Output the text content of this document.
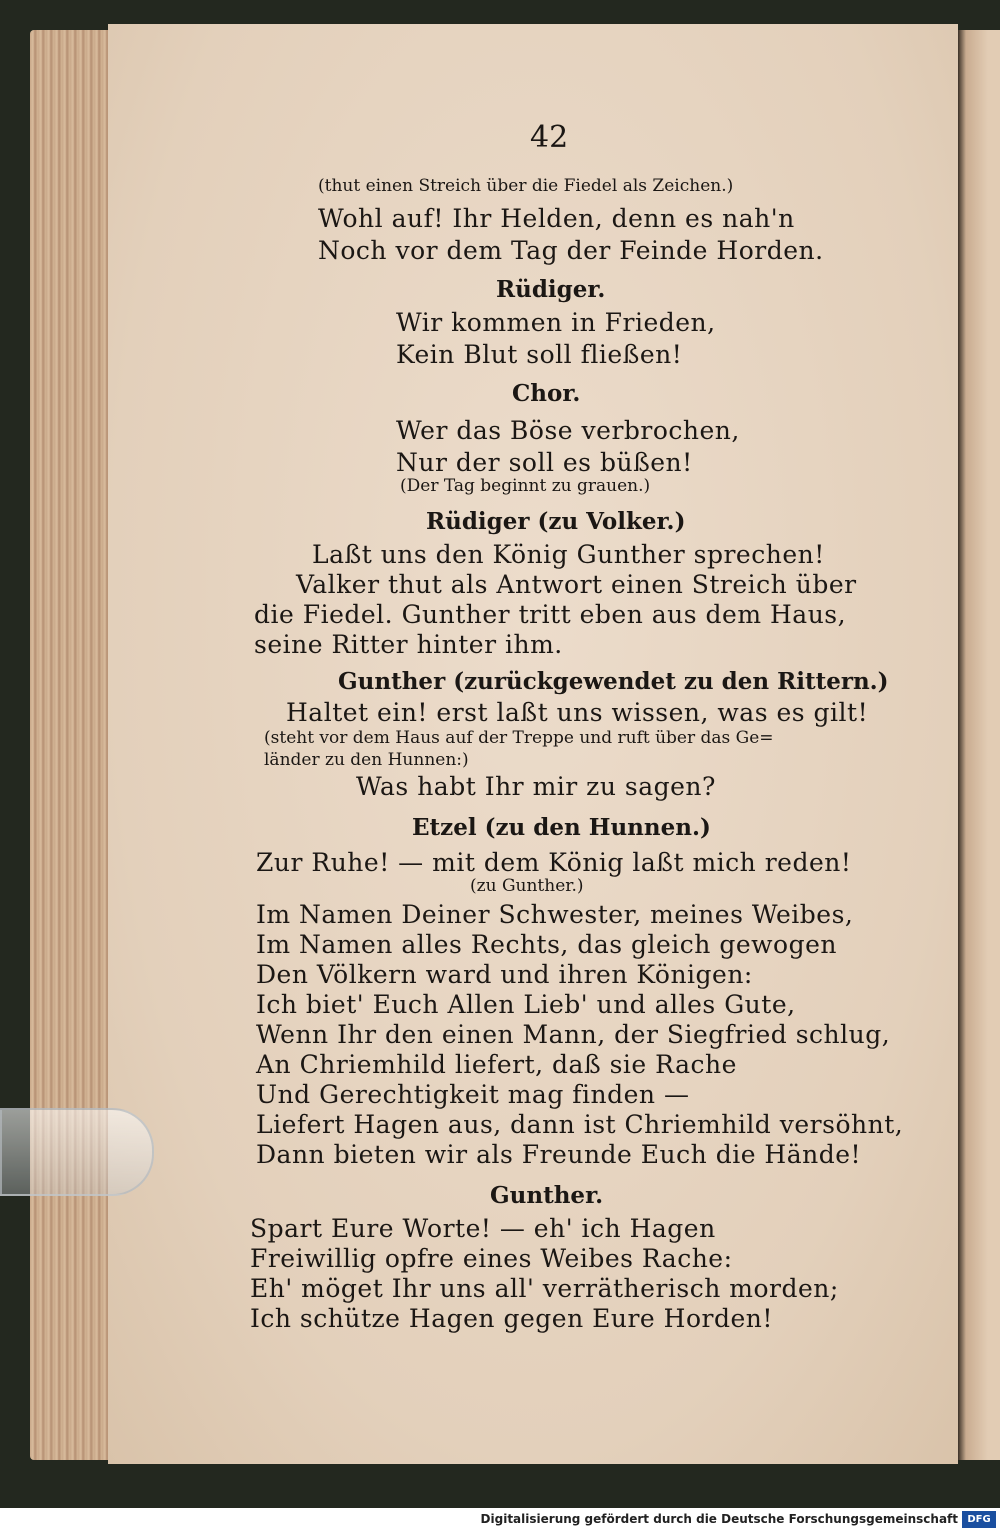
42
(thut einen Streich über die Fiedel als Zeichen.)
Wohl auf! Ihr Helden, denn es nah'n
Noch vor dem Tag der Feinde Horden.
Rüdiger.
Wir kommen in Frieden,
Kein Blut soll fließen!
Chor.
Wer das Böse verbrochen,
Nur der soll es büßen!
(Der Tag beginnt zu grauen.)
Rüdiger (zu Volker.)
Laßt uns den König Gunther sprechen!
Valker thut als Antwort einen Streich über
die Fiedel. Gunther tritt eben aus dem Haus,
seine Ritter hinter ihm.
Gunther (zurückgewendet zu den Rittern.)
Haltet ein! erst laßt uns wissen, was es gilt!
(steht vor dem Haus auf der Treppe und ruft über das Ge=
länder zu den Hunnen:)
Was habt Ihr mir zu sagen?
Etzel (zu den Hunnen.)
Zur Ruhe! — mit dem König laßt mich reden!
(zu Gunther.)
Im Namen Deiner Schwester, meines Weibes,
Im Namen alles Rechts, das gleich gewogen
Den Völkern ward und ihren Königen:
Ich biet' Euch Allen Lieb' und alles Gute,
Wenn Ihr den einen Mann, der Siegfried schlug,
An Chriemhild liefert, daß sie Rache
Und Gerechtigkeit mag finden —
Liefert Hagen aus, dann ist Chriemhild versöhnt,
Dann bieten wir als Freunde Euch die Hände!
Gunther.
Spart Eure Worte! — eh' ich Hagen
Freiwillig opfre eines Weibes Rache:
Eh' möget Ihr uns all' verrätherisch morden;
Ich schütze Hagen gegen Eure Horden!
Digitalisierung gefördert durch die Deutsche Forschungsgemeinschaft DFG
